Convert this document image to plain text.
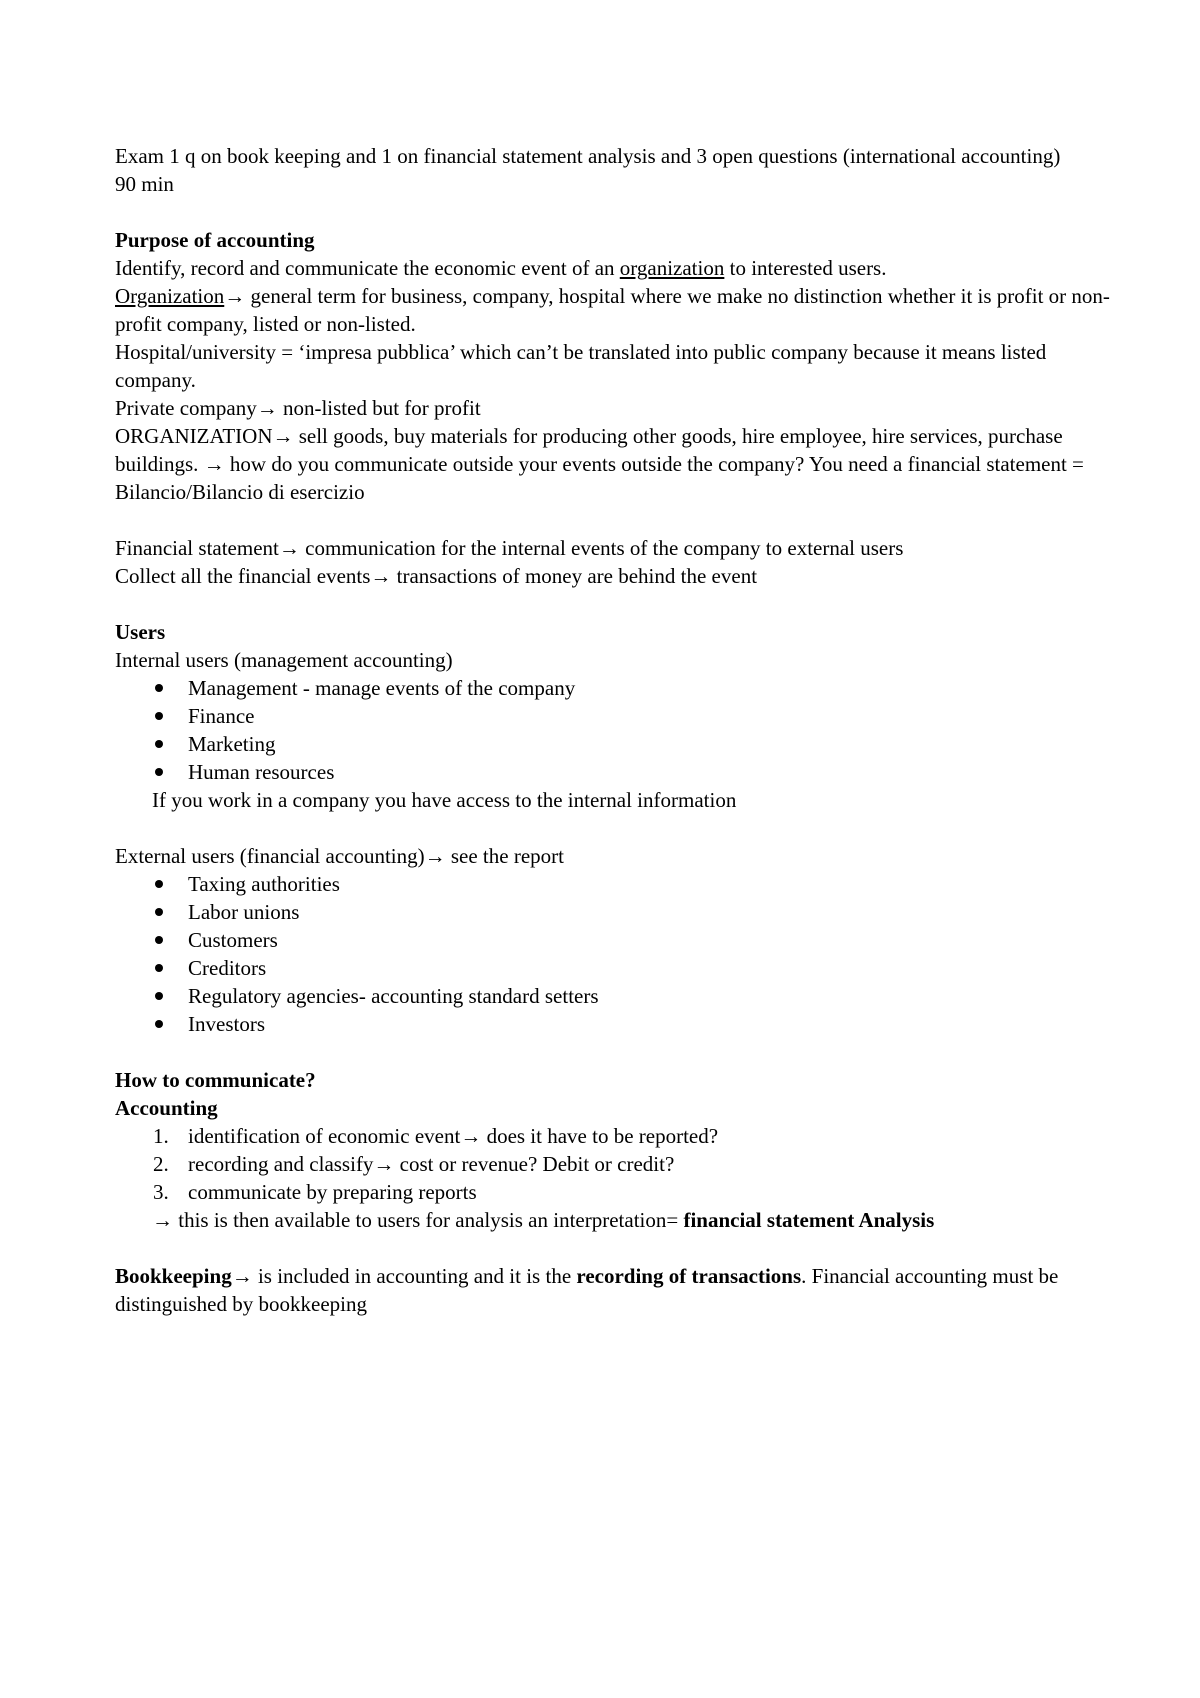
Exam 1 q on book keeping and 1 on financial statement analysis and 3 open questions (international accounting)

90 min

Purpose of accounting

Identify, record and communicate the economic event of an organization to interested users.

Organization→ general term for business, company, hospital where we make no distinction whether it is profit or non-profit company, listed or non-listed.

Hospital/university = ‘impresa pubblica’ which can’t be translated into public company because it means listed company.

Private company→ non-listed but for profit

ORGANIZATION→ sell goods, buy materials for producing other goods, hire employee, hire services, purchase buildings. → how do you communicate outside your events outside the company? You need a financial statement = Bilancio/Bilancio di esercizio

Financial statement→ communication for the internal events of the company to external users

Collect all the financial events→ transactions of money are behind the event

Users

Internal users (management accounting)

Management - manage events of the company
Finance
Marketing
Human resources

If you work in a company you have access to the internal information

External users (financial accounting)→ see the report

Taxing authorities
Labor unions
Customers
Creditors
Regulatory agencies- accounting standard setters
Investors

How to communicate?

Accounting

1. identification of economic event→ does it have to be reported?
2. recording and classify→ cost or revenue? Debit or credit?
3. communicate by preparing reports

→ this is then available to users for analysis an interpretation= financial statement Analysis

Bookkeeping→ is included in accounting and it is the recording of transactions. Financial accounting must be distinguished by bookkeeping
